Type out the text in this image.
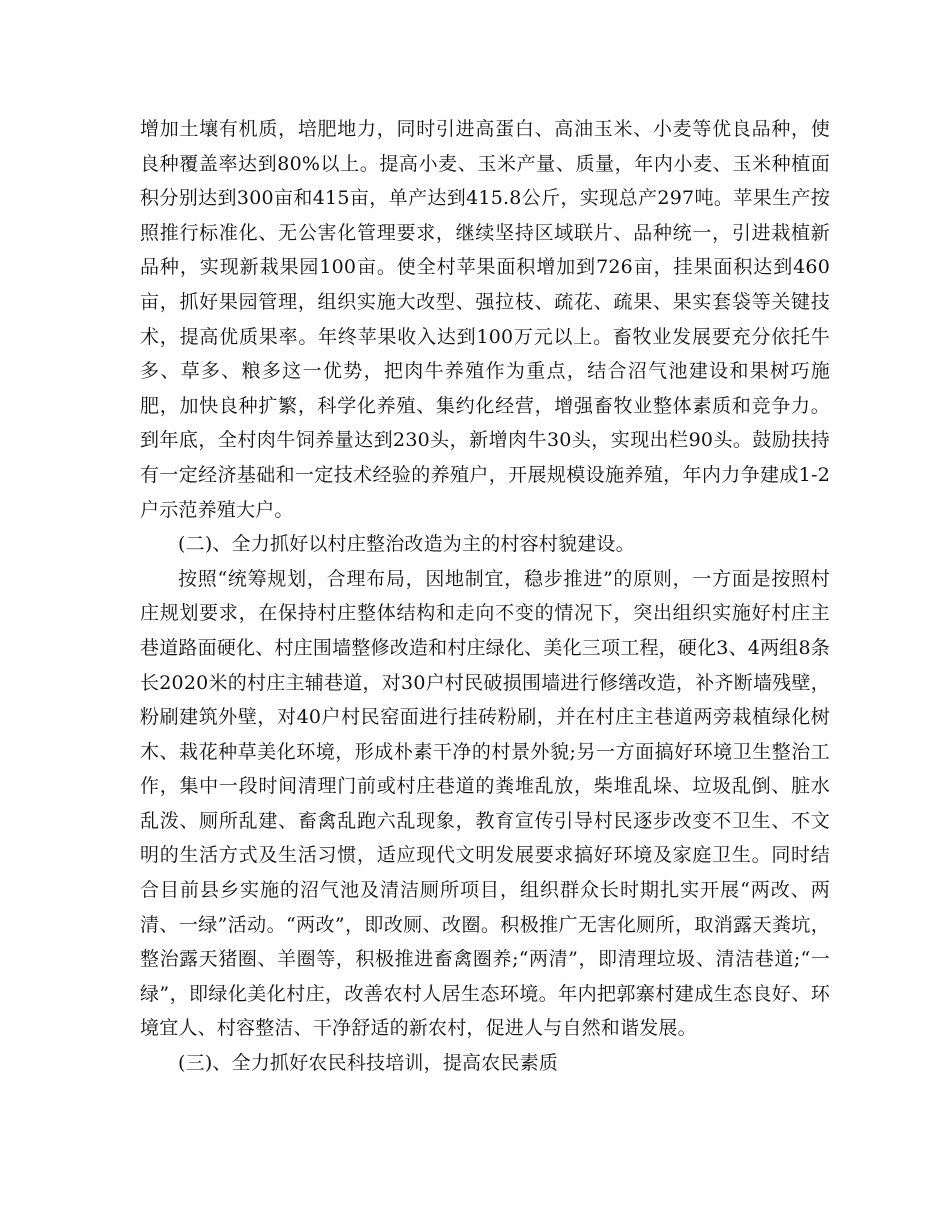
增加土壤有机质，培肥地力，同时引进高蛋白、高油玉米、小麦等优良品种，使良种覆盖率达到80%以上。提高小麦、玉米产量、质量，年内小麦、玉米种植面积分别达到300亩和415亩，单产达到415.8公斤，实现总产297吨。苹果生产按照推行标准化、无公害化管理要求，继续坚持区域联片、品种统一，引进栽植新品种，实现新栽果园100亩。使全村苹果面积增加到726亩，挂果面积达到460亩，抓好果园管理，组织实施大改型、强拉枝、疏花、疏果、果实套袋等关键技术，提高优质果率。年终苹果收入达到100万元以上。畜牧业发展要充分依托牛多、草多、粮多这一优势，把肉牛养殖作为重点，结合沼气池建设和果树巧施肥，加快良种扩繁，科学化养殖、集约化经营，增强畜牧业整体素质和竞争力。到年底，全村肉牛饲养量达到230头，新增肉牛30头，实现出栏90头。鼓励扶持有一定经济基础和一定技术经验的养殖户，开展规模设施养殖，年内力争建成1-2户示范养殖大户。

(二)、全力抓好以村庄整治改造为主的村容村貌建设。

按照“统筹规划，合理布局，因地制宜，稳步推进”的原则，一方面是按照村庄规划要求，在保持村庄整体结构和走向不变的情况下，突出组织实施好村庄主巷道路面硬化、村庄围墙整修改造和村庄绿化、美化三项工程，硬化3、4两组8条长2020米的村庄主辅巷道，对30户村民破损围墙进行修缮改造，补齐断墙残壁，粉刷建筑外壁，对40户村民窑面进行挂砖粉刷，并在村庄主巷道两旁栽植绿化树木、栽花种草美化环境，形成朴素干净的村景外貌;另一方面搞好环境卫生整治工作，集中一段时间清理门前或村庄巷道的粪堆乱放，柴堆乱垛、垃圾乱倒、脏水乱泼、厕所乱建、畜禽乱跑六乱现象，教育宣传引导村民逐步改变不卫生、不文明的生活方式及生活习惯，适应现代文明发展要求搞好环境及家庭卫生。同时结合目前县乡实施的沼气池及清洁厕所项目，组织群众长时期扎实开展“两改、两清、一绿”活动。“两改”，即改厕、改圈。积极推广无害化厕所，取消露天粪坑，整治露天猪圈、羊圈等，积极推进畜禽圈养;“两清”，即清理垃圾、清洁巷道;“一绿”，即绿化美化村庄，改善农村人居生态环境。年内把郭寨村建成生态良好、环境宜人、村容整洁、干净舒适的新农村，促进人与自然和谐发展。

(三)、全力抓好农民科技培训，提高农民素质
